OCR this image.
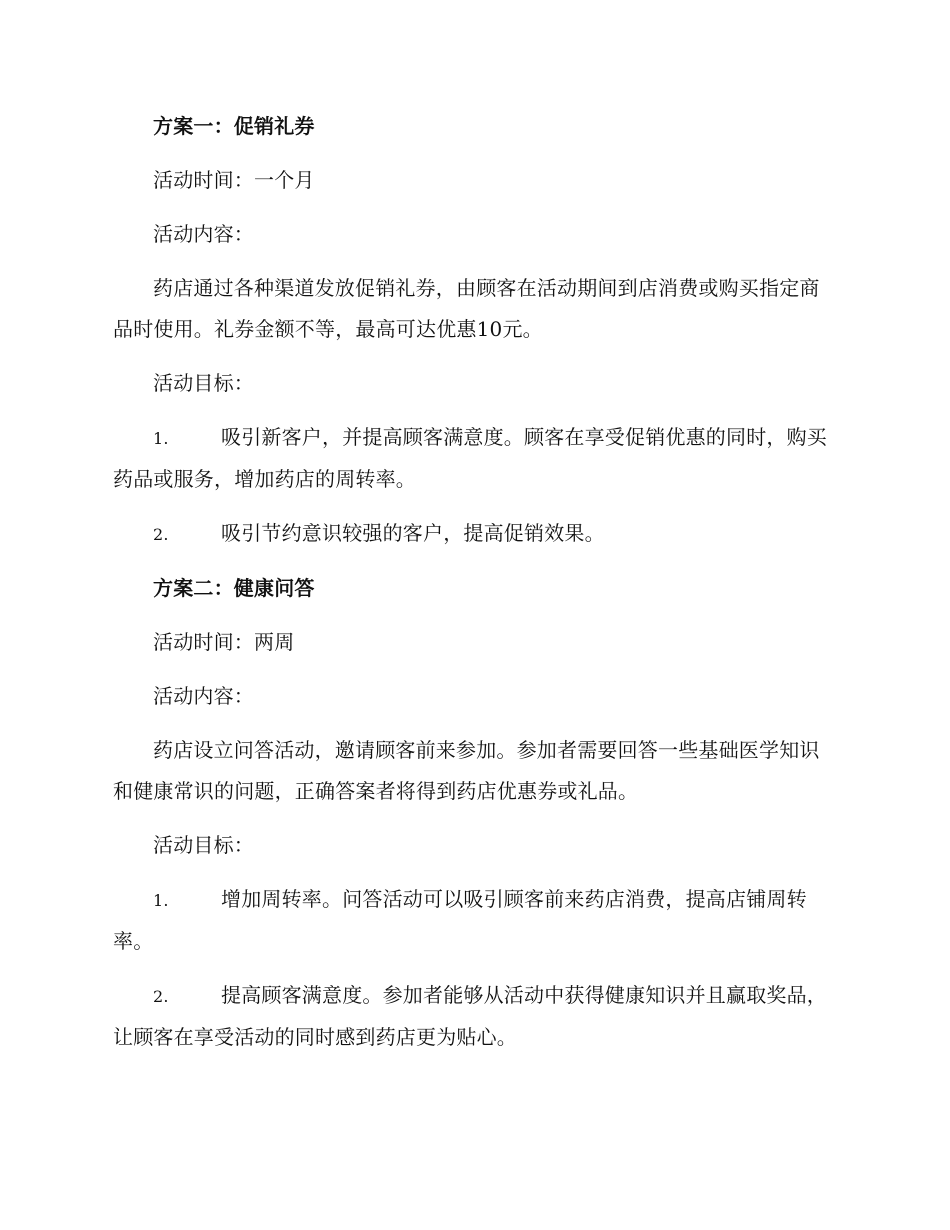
方案一：促销礼券

活动时间：一个月

活动内容：

药店通过各种渠道发放促销礼券，由顾客在活动期间到店消费或购买指定商品时使用。礼券金额不等，最高可达优惠10元。

活动目标：

1.	吸引新客户，并提高顾客满意度。顾客在享受促销优惠的同时，购买药品或服务，增加药店的周转率。

2.	吸引节约意识较强的客户，提高促销效果。

方案二：健康问答

活动时间：两周

活动内容：

药店设立问答活动，邀请顾客前来参加。参加者需要回答一些基础医学知识和健康常识的问题，正确答案者将得到药店优惠券或礼品。

活动目标：

1.	增加周转率。问答活动可以吸引顾客前来药店消费，提高店铺周转率。

2.	提高顾客满意度。参加者能够从活动中获得健康知识并且赢取奖品，让顾客在享受活动的同时感到药店更为贴心。
